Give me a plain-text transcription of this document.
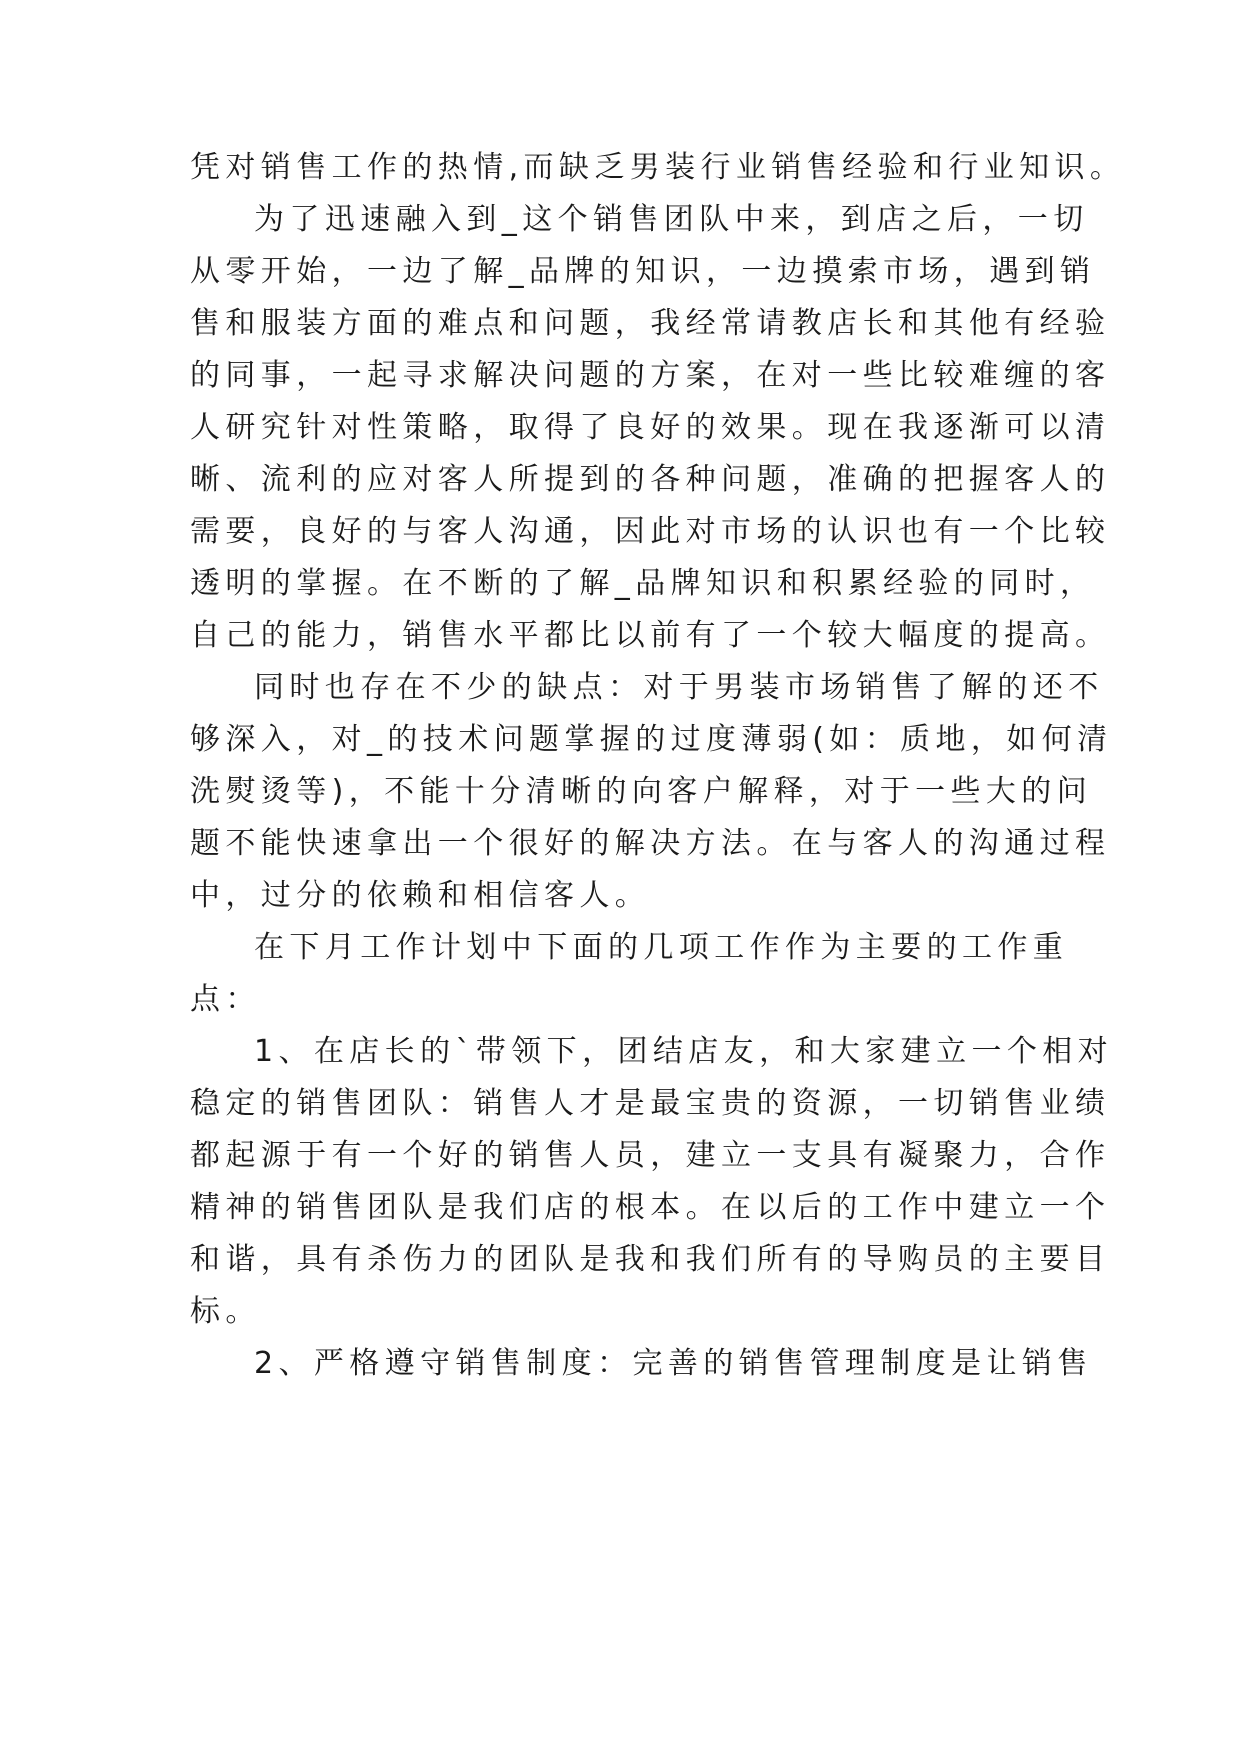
凭对销售工作的热情,而缺乏男装行业销售经验和行业知识。
为了迅速融入到_这个销售团队中来，到店之后，一切
从零开始，一边了解_品牌的知识，一边摸索市场，遇到销
售和服装方面的难点和问题，我经常请教店长和其他有经验
的同事，一起寻求解决问题的方案，在对一些比较难缠的客
人研究针对性策略，取得了良好的效果。现在我逐渐可以清
晰、流利的应对客人所提到的各种问题，准确的把握客人的
需要，良好的与客人沟通，因此对市场的认识也有一个比较
透明的掌握。在不断的了解_品牌知识和积累经验的同时，
自己的能力，销售水平都比以前有了一个较大幅度的提高。
同时也存在不少的缺点：对于男装市场销售了解的还不
够深入，对_的技术问题掌握的过度薄弱(如：质地，如何清
洗熨烫等)，不能十分清晰的向客户解释，对于一些大的问
题不能快速拿出一个很好的解决方法。在与客人的沟通过程
中，过分的依赖和相信客人。
在下月工作计划中下面的几项工作作为主要的工作重
点：
1、在店长的`带领下，团结店友，和大家建立一个相对
稳定的销售团队：销售人才是最宝贵的资源，一切销售业绩
都起源于有一个好的销售人员，建立一支具有凝聚力，合作
精神的销售团队是我们店的根本。在以后的工作中建立一个
和谐，具有杀伤力的团队是我和我们所有的导购员的主要目
标。
2、严格遵守销售制度：完善的销售管理制度是让销售
